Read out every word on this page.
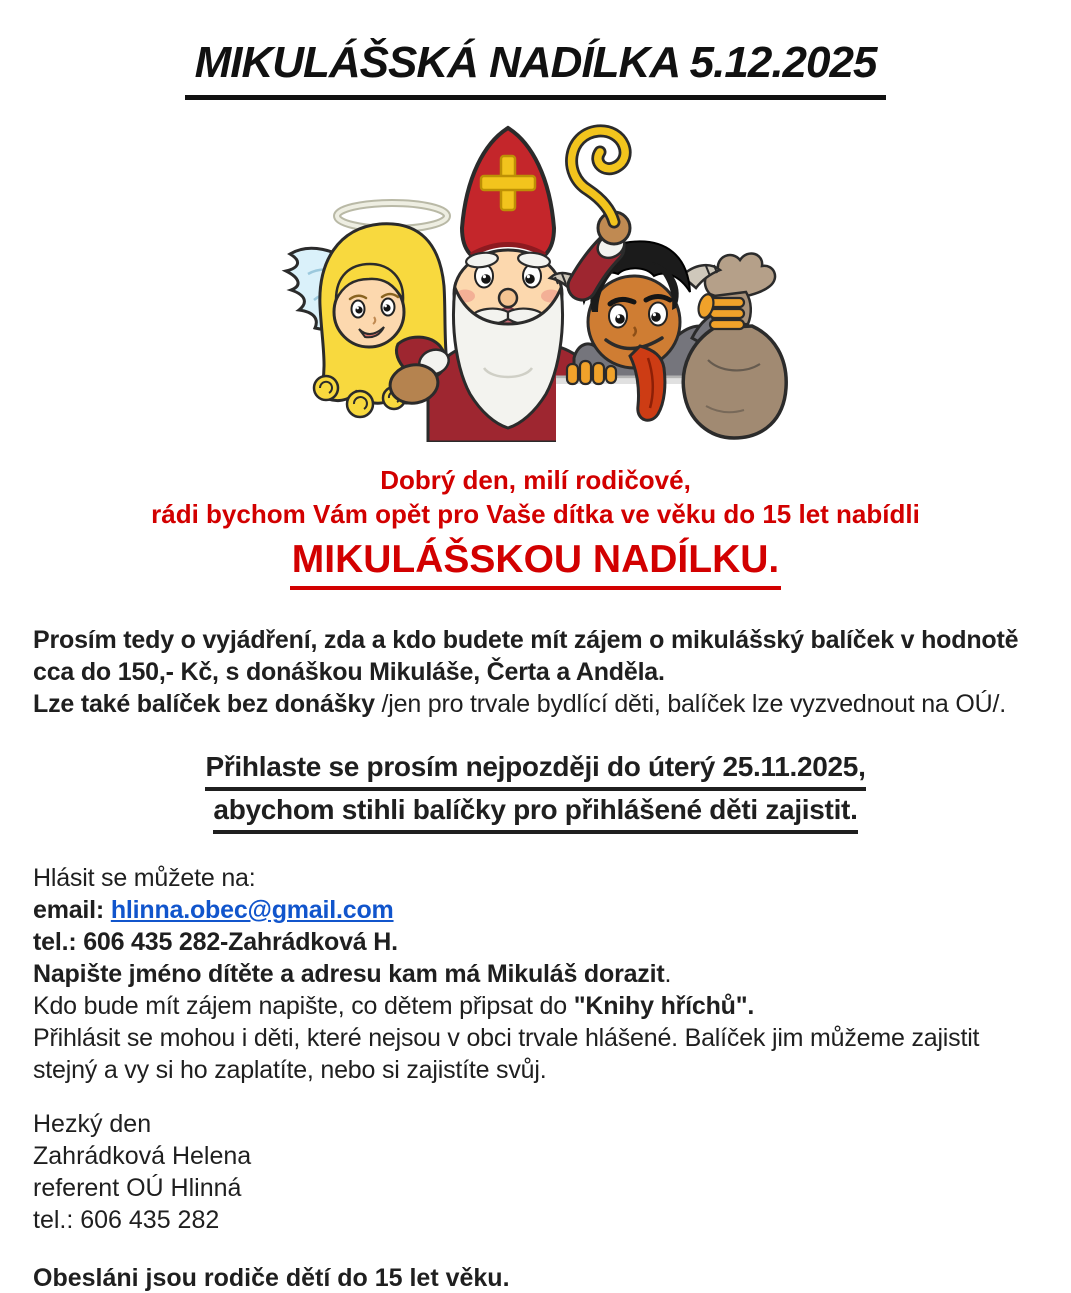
MIKULÁŠSKÁ NADÍLKA 5.12.2025
Dobrý den, milí rodičové,
rádi bychom Vám opět pro Vaše dítka ve věku do 15 let nabídli
MIKULÁŠSKOU NADÍLKU.
Prosím tedy o vyjádření, zda a kdo budete mít zájem o mikulášský balíček v hodnotě
cca do 150,- Kč, s donáškou Mikuláše, Čerta a Anděla.
Lze také balíček bez donášky /jen pro trvale bydlící děti, balíček lze vyzvednout na OÚ/.
Přihlaste se prosím nejpozději do úterý 25.11.2025,
abychom stihli balíčky pro přihlášené děti zajistit.
Hlásit se můžete na:
email: hlinna.obec@gmail.com
tel.: 606 435 282-Zahrádková H.
Napište jméno dítěte a adresu kam má Mikuláš dorazit.
Kdo bude mít zájem napište, co dětem připsat do "Knihy hříchů".
Přihlásit se mohou i děti, které nejsou v obci trvale hlášené. Balíček jim můžeme zajistit
stejný a vy si ho zaplatíte, nebo si zajistíte svůj.
Hezký den
Zahrádková Helena
referent OÚ Hlinná
tel.: 606 435 282
Obesláni jsou rodiče dětí do 15 let věku.
